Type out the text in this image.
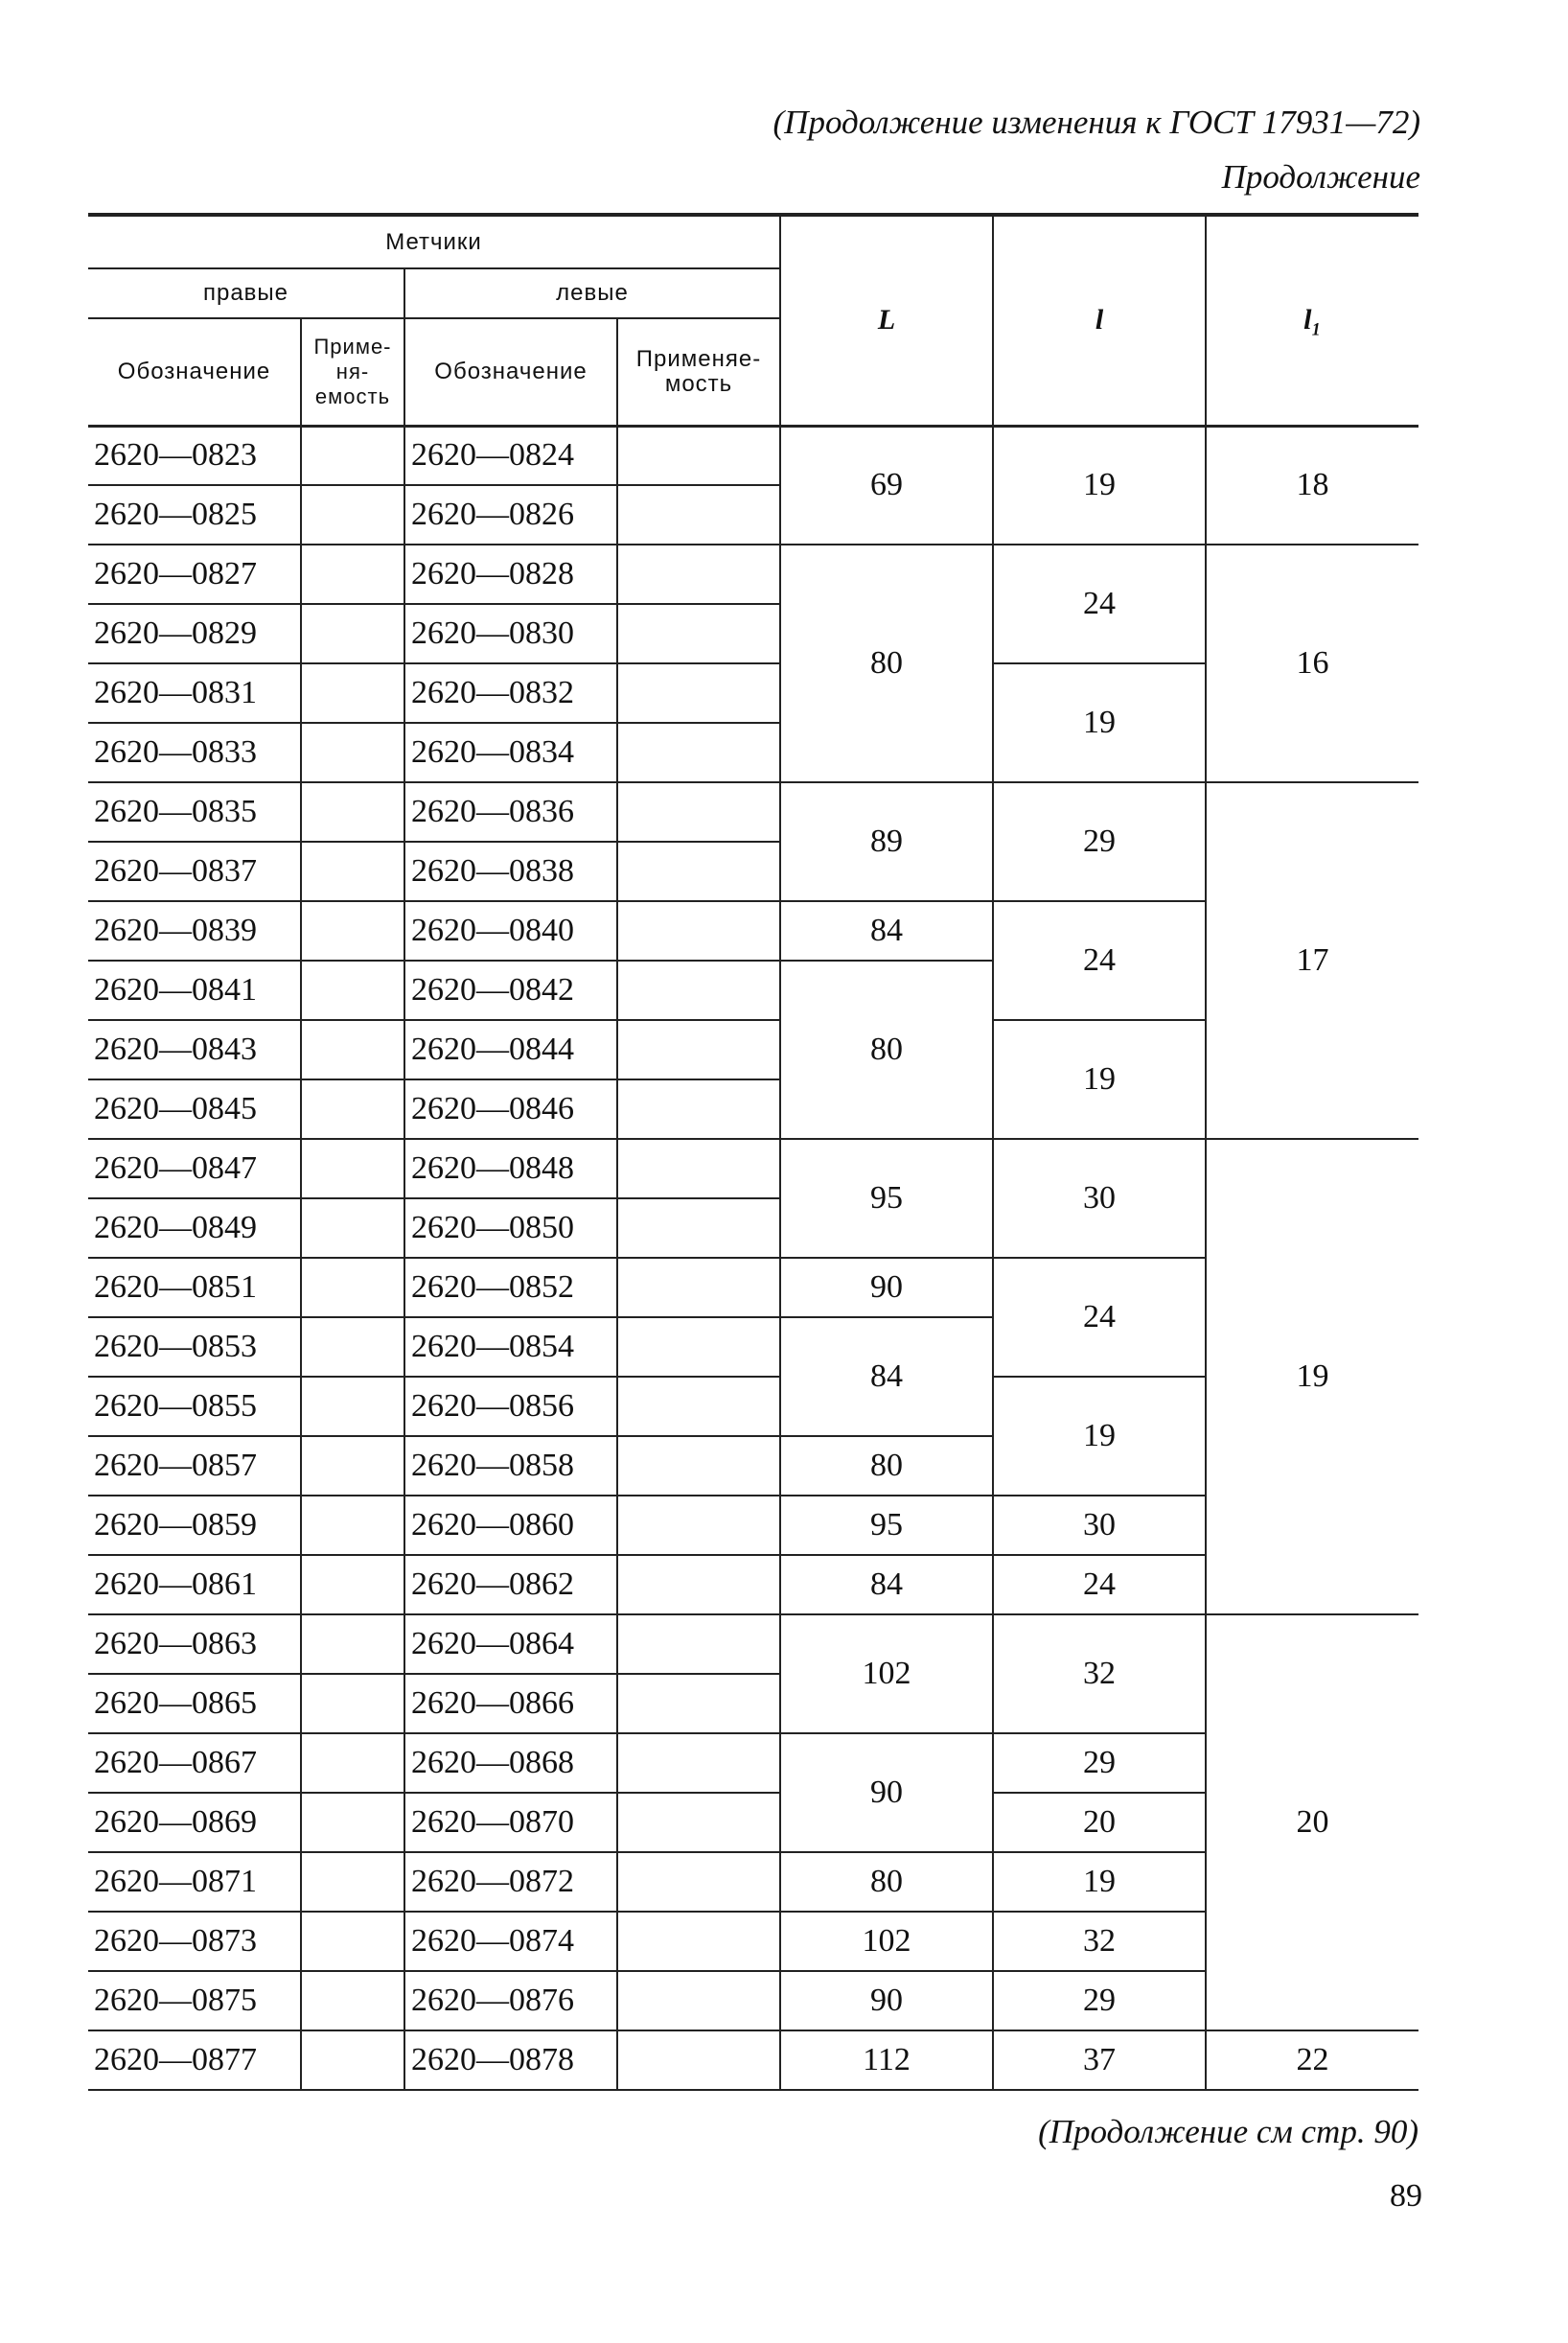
(Продолжение изменения к ГОСТ 17931—72)
Продолжение
Метчики				L	l	l₁
правые		левые				
Обозначение	Приме-ня-емость	Обозначение	Применяе-мость			
2620—0823		2620—0824		69	19	18
2620—0825		2620—0826				
2620—0827		2620—0828		80	24	16
2620—0829		2620—0830				
2620—0831		2620—0832			19	
2620—0833		2620—0834				
2620—0835		2620—0836		89	29	17
2620—0837		2620—0838				
2620—0839		2620—0840		84	24	
2620—0841		2620—0842		80		
2620—0843		2620—0844			19	
2620—0845		2620—0846				
2620—0847		2620—0848		95	30	19
2620—0849		2620—0850				
2620—0851		2620—0852		90	24	
2620—0853		2620—0854		84		
2620—0855		2620—0856			19	
2620—0857		2620—0858		80		
2620—0859		2620—0860		95	30	
2620—0861		2620—0862		84	24	
2620—0863		2620—0864		102	32	20
2620—0865		2620—0866				
2620—0867		2620—0868		90	29	
2620—0869		2620—0870			20	
2620—0871		2620—0872		80	19	
2620—0873		2620—0874		102	32	
2620—0875		2620—0876		90	29	
2620—0877		2620—0878		112	37	22
(Продолжение см стр. 90)
89
